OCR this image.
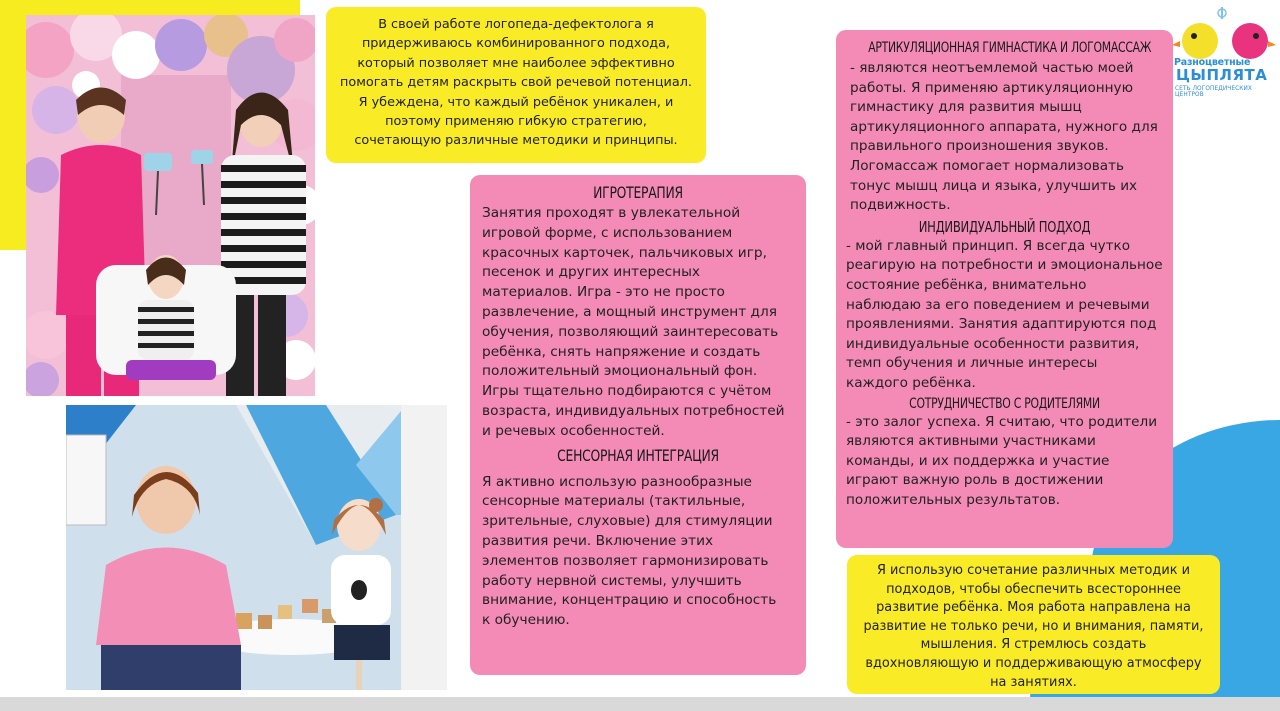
В своей работе логопеда-дефектолога я придерживаюсь комбинированного подхода, который позволяет мне наиболее эффективно помогать детям раскрыть свой речевой потенциал. Я убеждена, что каждый ребёнок уникален, и поэтому применяю гибкую стратегию, сочетающую различные методики и принципы.
ИГРОТЕРАПИЯ
Занятия проходят в увлекательной игровой форме, с использованием красочных карточек, пальчиковых игр, песенок и других интересных материалов. Игра - это не просто развлечение, а мощный инструмент для обучения, позволяющий заинтересовать ребёнка, снять напряжение и создать положительный эмоциональный фон. Игры тщательно подбираются с учётом возраста, индивидуальных потребностей и речевых особенностей.
СЕНСОРНАЯ ИНТЕГРАЦИЯ
Я активно использую разнообразные сенсорные материалы (тактильные, зрительные, слуховые) для стимуляции развития речи. Включение этих элементов позволяет гармонизировать работу нервной системы, улучшить внимание, концентрацию и способность к обучению.
АРТИКУЛЯЦИОННАЯ ГИМНАСТИКА И ЛОГОМАССАЖ
- являются неотъемлемой частью моей работы. Я применяю артикуляционную гимнастику для развития мышц артикуляционного аппарата, нужного для правильного произношения звуков. Логомассаж помогает нормализовать тонус мышц лица и языка, улучшить их подвижность.
ИНДИВИДУАЛЬНЫЙ ПОДХОД
- мой главный принцип. Я всегда чутко реагирую на потребности и эмоциональное состояние ребёнка, внимательно наблюдаю за его поведением и речевыми проявлениями. Занятия адаптируются под индивидуальные особенности развития, темп обучения и личные интересы каждого ребёнка.
СОТРУДНИЧЕСТВО С РОДИТЕЛЯМИ
- это залог успеха. Я считаю, что родители являются активными участниками команды, и их поддержка и участие играют важную роль в достижении положительных результатов.
Я использую сочетание различных методик и подходов, чтобы обеспечить всестороннее развитие ребёнка. Моя работа направлена на развитие не только речи, но и внимания, памяти, мышления. Я стремлюсь создать вдохновляющую и поддерживающую атмосферу на занятиях.
Разноцветные
ЦЫПЛЯТА
СЕТЬ ЛОГОПЕДИЧЕСКИХ ЦЕНТРОВ
